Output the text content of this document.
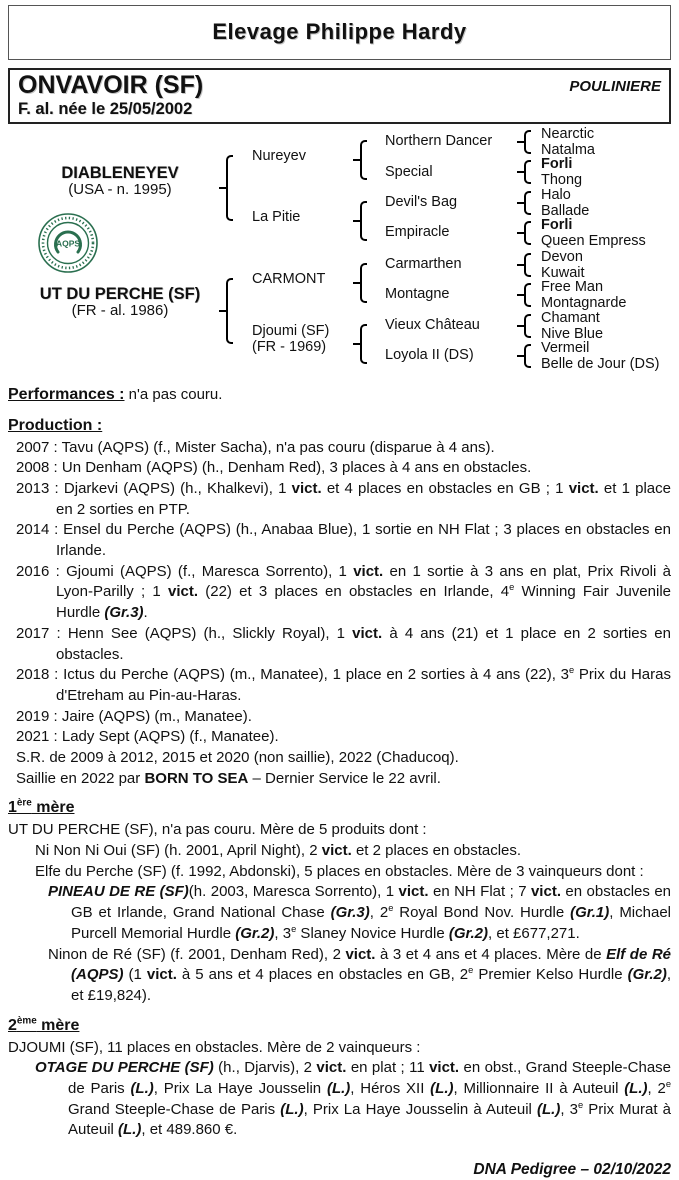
Elevage Philippe Hardy
ONVAVOIR (SF)	POULINIERE
F. al. née le 25/05/2002
DIABLENEYEV
(USA - n. 1995)
AQPS
UT DU PERCHE (SF)
(FR - al. 1986)
Nureyev
La Pitie
CARMONT
Djoumi (SF)
(FR - 1969)
Northern Dancer
Special
Devil's Bag
Empiracle
Carmarthen
Montagne
Vieux Château
Loyola II (DS)
Nearctic
Natalma
Forli
Thong
Halo
Ballade
Forli
Queen Empress
Devon
Kuwait
Free Man
Montagnarde
Chamant
Nive Blue
Vermeil
Belle de Jour (DS)

Performances : n'a pas couru.

Production :

2007 : Tavu (AQPS) (f., Mister Sacha), n'a pas couru (disparue à 4 ans).

2008 : Un Denham (AQPS) (h., Denham Red), 3 places à 4 ans en obstacles.

2013 : Djarkevi (AQPS) (h., Khalkevi), 1 vict. et 4 places en obstacles en GB ; 1 vict. et 1 place en 2 sorties en PTP.

2014 : Ensel du Perche (AQPS) (h., Anabaa Blue), 1 sortie en NH Flat ; 3 places en obstacles en Irlande.

2016 : Gjoumi (AQPS) (f., Maresca Sorrento), 1 vict. en 1 sortie à 3 ans en plat, Prix Rivoli à Lyon-Parilly ; 1 vict. (22) et 3 places en obstacles en Irlande, 4e Winning Fair Juvenile Hurdle (Gr.3).

2017 : Henn See (AQPS) (h., Slickly Royal), 1 vict. à 4 ans (21) et 1 place en 2 sorties en obstacles.

2018 : Ictus du Perche (AQPS) (m., Manatee), 1 place en 2 sorties à 4 ans (22), 3e Prix du Haras d'Etreham au Pin-au-Haras.

2019 : Jaire (AQPS) (m., Manatee).

2021 : Lady Sept (AQPS) (f., Manatee).

S.R. de 2009 à 2012, 2015 et 2020 (non saillie), 2022 (Chaducoq).

Saillie en 2022 par BORN TO SEA – Dernier Service le 22 avril.

1ère mère

UT DU PERCHE (SF), n'a pas couru. Mère de 5 produits dont :

Ni Non Ni Oui (SF) (h. 2001, April Night), 2 vict. et 2 places en obstacles.

Elfe du Perche (SF) (f. 1992, Abdonski), 5 places en obstacles. Mère de 3 vainqueurs dont :

PINEAU DE RE (SF)(h. 2003, Maresca Sorrento), 1 vict. en NH Flat ; 7 vict. en obstacles en GB et Irlande, Grand National Chase (Gr.3), 2e Royal Bond Nov. Hurdle (Gr.1), Michael Purcell Memorial Hurdle (Gr.2), 3e Slaney Novice Hurdle (Gr.2), et £677,271.

Ninon de Ré (SF) (f. 2001, Denham Red), 2 vict. à 3 et 4 ans et 4 places. Mère de Elf de Ré (AQPS) (1 vict. à 5 ans et 4 places en obstacles en GB, 2e Premier Kelso Hurdle (Gr.2), et £19,824).

2ème mère

DJOUMI (SF), 11 places en obstacles. Mère de 2 vainqueurs :

OTAGE DU PERCHE (SF) (h., Djarvis), 2 vict. en plat ; 11 vict. en obst., Grand Steeple-Chase de Paris (L.), Prix La Haye Jousselin (L.), Héros XII (L.), Millionnaire II à Auteuil (L.), 2e Grand Steeple-Chase de Paris (L.), Prix La Haye Jousselin à Auteuil (L.), 3e Prix Murat à Auteuil (L.), et 489.860 €.

DNA Pedigree – 02/10/2022
